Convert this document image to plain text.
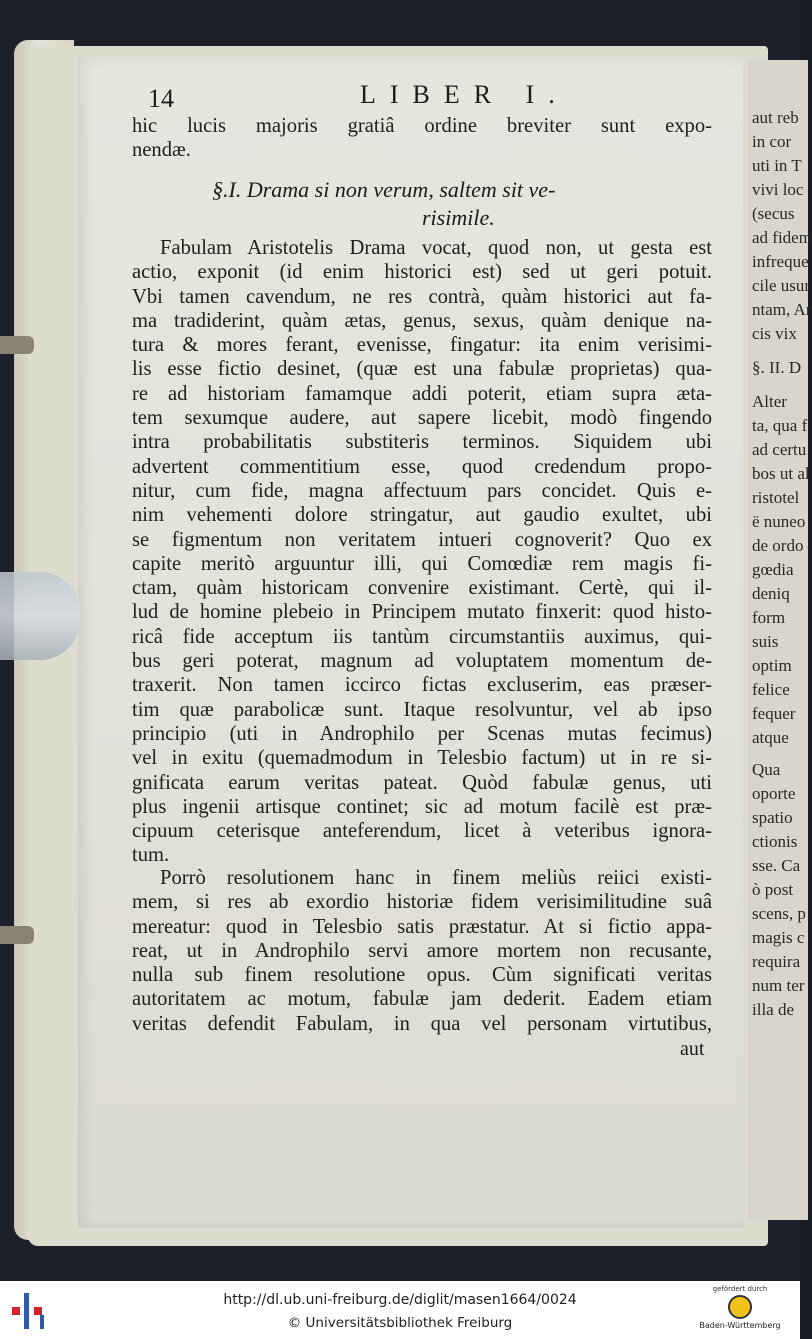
aut reb
in cor
uti in T
vivi loc
(secus
ad fidem
infreque
cile usur
ntam, Ar
cis vix
§. II. D
Alter
ta, qua f
ad certu
bos ut al
ristotel
ë nuneo
de ordo
gœdia
deniq
form
suis
optim
felice
fequer
atque
Qua
oporte
spatio
ctionis
sse. Ca
ò post
scens, p
magis c
requira
num ter
illa de
14	LIBER I.
hic lucis majoris gratiâ ordine breviter sunt expo-
nendæ.
§.I. Drama si non verum, saltem sit ve-
risimile.
Fabulam Aristotelis Drama vocat, quod non, ut gesta est
actio, exponit (id enim historici est) sed ut geri potuit.
Vbi tamen cavendum, ne res contrà, quàm historici aut fa-
ma tradiderint, quàm ætas, genus, sexus, quàm denique na-
tura & mores ferant, evenisse, fingatur: ita enim verisimi-
lis esse fictio desinet, (quæ est una fabulæ proprietas) qua-
re ad historiam famamque addi poterit, etiam supra æta-
tem sexumque audere, aut sapere licebit, modò fingendo
intra probabilitatis substiteris terminos. Siquidem ubi
advertent commentitium esse, quod credendum propo-
nitur, cum fide, magna affectuum pars concidet. Quis e-
nim vehementi dolore stringatur, aut gaudio exultet, ubi
se figmentum non veritatem intueri cognoverit? Quo ex
capite meritò arguuntur illi, qui Comœdiæ rem magis fi-
ctam, quàm historicam convenire existimant. Certè, qui il-
lud de homine plebeio in Principem mutato finxerit: quod histo-
ricâ fide acceptum iis tantùm circumstantiis auximus, qui-
bus geri poterat, magnum ad voluptatem momentum de-
traxerit. Non tamen iccirco fictas excluserim, eas præser-
tim quæ parabolicæ sunt. Itaque resolvuntur, vel ab ipso
principio (uti in Androphilo per Scenas mutas fecimus)
vel in exitu (quemadmodum in Telesbio factum) ut in re si-
gnificata earum veritas pateat. Quòd fabulæ genus, uti
plus ingenii artisque continet; sic ad motum facilè est præ-
cipuum ceterisque anteferendum, licet à veteribus ignora-
tum.
Porrò resolutionem hanc in finem meliùs reiici existi-
mem, si res ab exordio historiæ fidem verisimilitudine suâ
mereatur: quod in Telesbio satis præstatur. At si fictio appa-
reat, ut in Androphilo servi amore mortem non recusante,
nulla sub finem resolutione opus. Cùm significati veritas
autoritatem ac motum, fabulæ jam dederit. Eadem etiam
veritas defendit Fabulam, in qua vel personam virtutibus,
aut
http://dl.ub.uni-freiburg.de/diglit/masen1664/0024
© Universitätsbibliothek Freiburg
gefördert durch
Baden-Württemberg
